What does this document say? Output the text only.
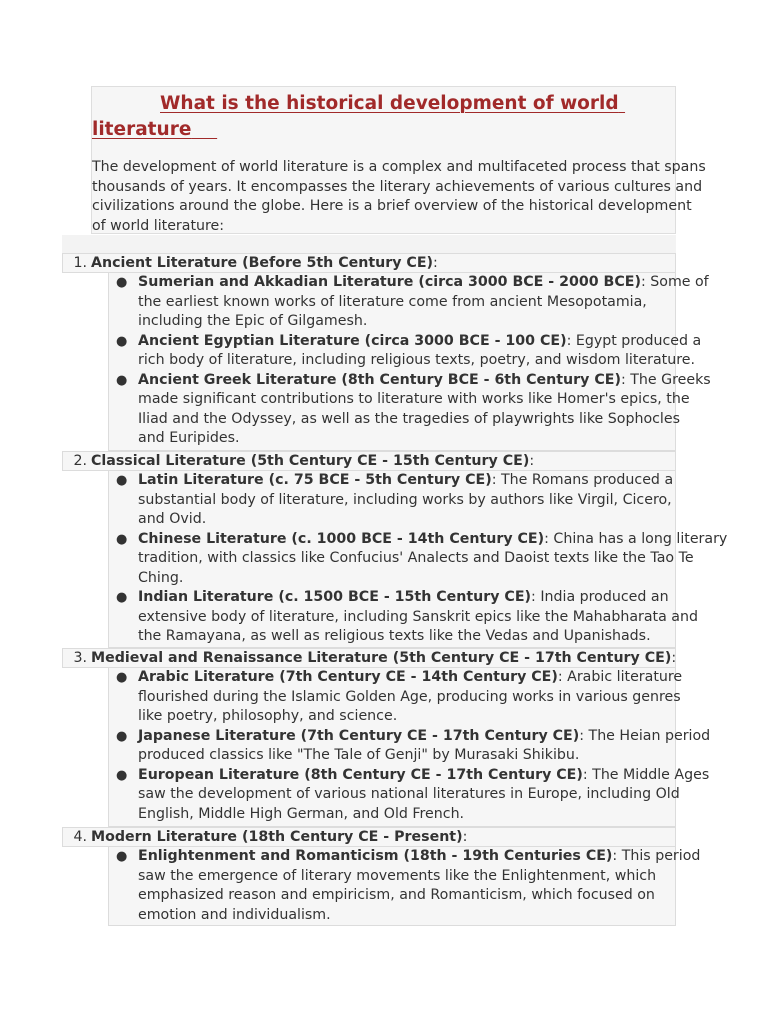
What is the historical development of world
literature
The development of world literature is a complex and multifaceted process that spans
thousands of years. It encompasses the literary achievements of various cultures and
civilizations around the globe. Here is a brief overview of the historical development
of world literature:
1. Ancient Literature (Before 5th Century CE):
● Sumerian and Akkadian Literature (circa 3000 BCE - 2000 BCE): Some of
the earliest known works of literature come from ancient Mesopotamia,
including the Epic of Gilgamesh.
● Ancient Egyptian Literature (circa 3000 BCE - 100 CE): Egypt produced a
rich body of literature, including religious texts, poetry, and wisdom literature.
● Ancient Greek Literature (8th Century BCE - 6th Century CE): The Greeks
made significant contributions to literature with works like Homer's epics, the
Iliad and the Odyssey, as well as the tragedies of playwrights like Sophocles
and Euripides.
2. Classical Literature (5th Century CE - 15th Century CE):
● Latin Literature (c. 75 BCE - 5th Century CE): The Romans produced a
substantial body of literature, including works by authors like Virgil, Cicero,
and Ovid.
● Chinese Literature (c. 1000 BCE - 14th Century CE): China has a long literary
tradition, with classics like Confucius' Analects and Daoist texts like the Tao Te
Ching.
● Indian Literature (c. 1500 BCE - 15th Century CE): India produced an
extensive body of literature, including Sanskrit epics like the Mahabharata and
the Ramayana, as well as religious texts like the Vedas and Upanishads.
3. Medieval and Renaissance Literature (5th Century CE - 17th Century CE):
● Arabic Literature (7th Century CE - 14th Century CE): Arabic literature
flourished during the Islamic Golden Age, producing works in various genres
like poetry, philosophy, and science.
● Japanese Literature (7th Century CE - 17th Century CE): The Heian period
produced classics like "The Tale of Genji" by Murasaki Shikibu.
● European Literature (8th Century CE - 17th Century CE): The Middle Ages
saw the development of various national literatures in Europe, including Old
English, Middle High German, and Old French.
4. Modern Literature (18th Century CE - Present):
● Enlightenment and Romanticism (18th - 19th Centuries CE): This period
saw the emergence of literary movements like the Enlightenment, which
emphasized reason and empiricism, and Romanticism, which focused on
emotion and individualism.
